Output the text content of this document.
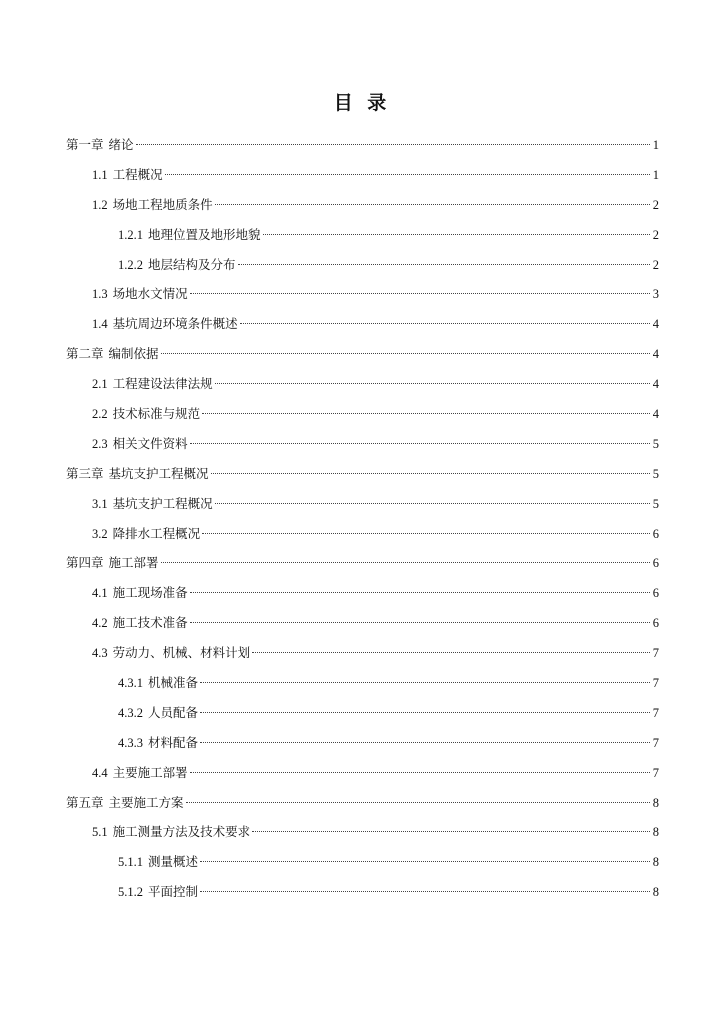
目 录
第一章 绪论	1
1.1 工程概况	1
1.2 场地工程地质条件	2
1.2.1 地理位置及地形地貌	2
1.2.2 地层结构及分布	2
1.3 场地水文情况	3
1.4 基坑周边环境条件概述	4
第二章 编制依据	4
2.1 工程建设法律法规	4
2.2 技术标准与规范	4
2.3 相关文件资料	5
第三章 基坑支护工程概况	5
3.1 基坑支护工程概况	5
3.2 降排水工程概况	6
第四章 施工部署	6
4.1 施工现场准备	6
4.2 施工技术准备	6
4.3 劳动力、机械、材料计划	7
4.3.1 机械准备	7
4.3.2 人员配备	7
4.3.3 材料配备	7
4.4 主要施工部署	7
第五章 主要施工方案	8
5.1 施工测量方法及技术要求	8
5.1.1 测量概述	8
5.1.2 平面控制	8
